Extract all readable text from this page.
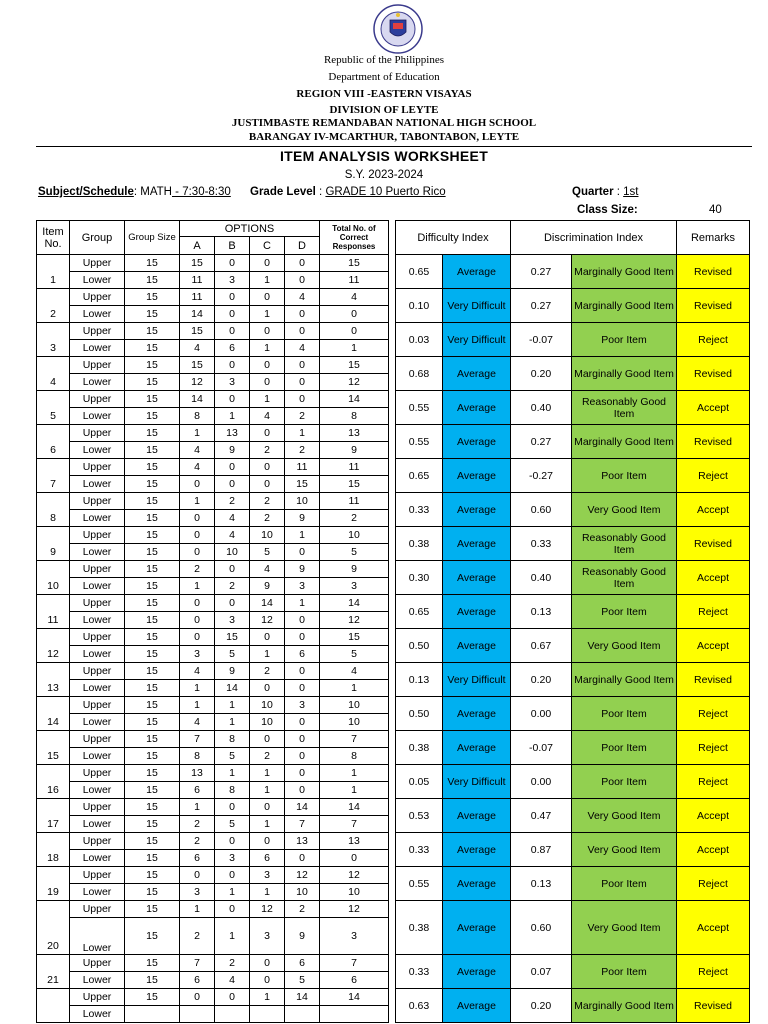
Republic of the Philippines
Department of Education
REGION VIII -EASTERN VISAYAS
DIVISION OF LEYTE
JUSTIMBASTE REMANDABAN NATIONAL HIGH SCHOOL
BARANGAY IV-MCARTHUR, TABONTABON, LEYTE
ITEM ANALYSIS WORKSHEET
S.Y. 2023-2024
Subject/Schedule: MATH - 7:30-8:30 Grade Level : GRADE 10 Puerto Rico	Quarter : 1st
Class Size:	40
Item No.	Group	Group Size	OPTIONS				Total No. of Correct Responses		Difficulty Index		Discrimination Index		Remarks
			A	B	C	D							
1	Upper	15	15	0	0	0	15		0.65	Average	0.27	Marginally Good Item	Revised
	Lower	15	11	3	1	0	11						
2	Upper	15	11	0	0	4	4		0.10	Very Difficult	0.27	Marginally Good Item	Revised
	Lower	15	14	0	1	0	0						
3	Upper	15	15	0	0	0	0		0.03	Very Difficult	-0.07	Poor Item	Reject
	Lower	15	4	6	1	4	1						
4	Upper	15	15	0	0	0	15		0.68	Average	0.20	Marginally Good Item	Revised
	Lower	15	12	3	0	0	12						
5	Upper	15	14	0	1	0	14		0.55	Average	0.40	Reasonably Good Item	Accept
	Lower	15	8	1	4	2	8						
6	Upper	15	1	13	0	1	13		0.55	Average	0.27	Marginally Good Item	Revised
	Lower	15	4	9	2	2	9						
7	Upper	15	4	0	0	11	11		0.65	Average	-0.27	Poor Item	Reject
	Lower	15	0	0	0	15	15						
8	Upper	15	1	2	2	10	11		0.33	Average	0.60	Very Good Item	Accept
	Lower	15	0	4	2	9	2						
9	Upper	15	0	4	10	1	10		0.38	Average	0.33	Reasonably Good Item	Revised
	Lower	15	0	10	5	0	5						
10	Upper	15	2	0	4	9	9		0.30	Average	0.40	Reasonably Good Item	Accept
	Lower	15	1	2	9	3	3						
11	Upper	15	0	0	14	1	14		0.65	Average	0.13	Poor Item	Reject
	Lower	15	0	3	12	0	12						
12	Upper	15	0	15	0	0	15		0.50	Average	0.67	Very Good Item	Accept
	Lower	15	3	5	1	6	5						
13	Upper	15	4	9	2	0	4		0.13	Very Difficult	0.20	Marginally Good Item	Revised
	Lower	15	1	14	0	0	1						
14	Upper	15	1	1	10	3	10		0.50	Average	0.00	Poor Item	Reject
	Lower	15	4	1	10	0	10						
15	Upper	15	7	8	0	0	7		0.38	Average	-0.07	Poor Item	Reject
	Lower	15	8	5	2	0	8						
16	Upper	15	13	1	1	0	1		0.05	Very Difficult	0.00	Poor Item	Reject
	Lower	15	6	8	1	0	1						
17	Upper	15	1	0	0	14	14		0.53	Average	0.47	Very Good Item	Accept
	Lower	15	2	5	1	7	7						
18	Upper	15	2	0	0	13	13		0.33	Average	0.87	Very Good Item	Accept
	Lower	15	6	3	6	0	0						
19	Upper	15	0	0	3	12	12		0.55	Average	0.13	Poor Item	Reject
	Lower	15	3	1	1	10	10						
20	Upper	15	1	0	12	2	12		0.38	Average	0.60	Very Good Item	Accept
	Lower	15	2	1	3	9	3						
21	Upper	15	7	2	0	6	7		0.33	Average	0.07	Poor Item	Reject
	Lower	15	6	4	0	5	6						
	Upper	15	0	0	1	14	14		0.63	Average	0.20	Marginally Good Item	Revised
	Lower												
